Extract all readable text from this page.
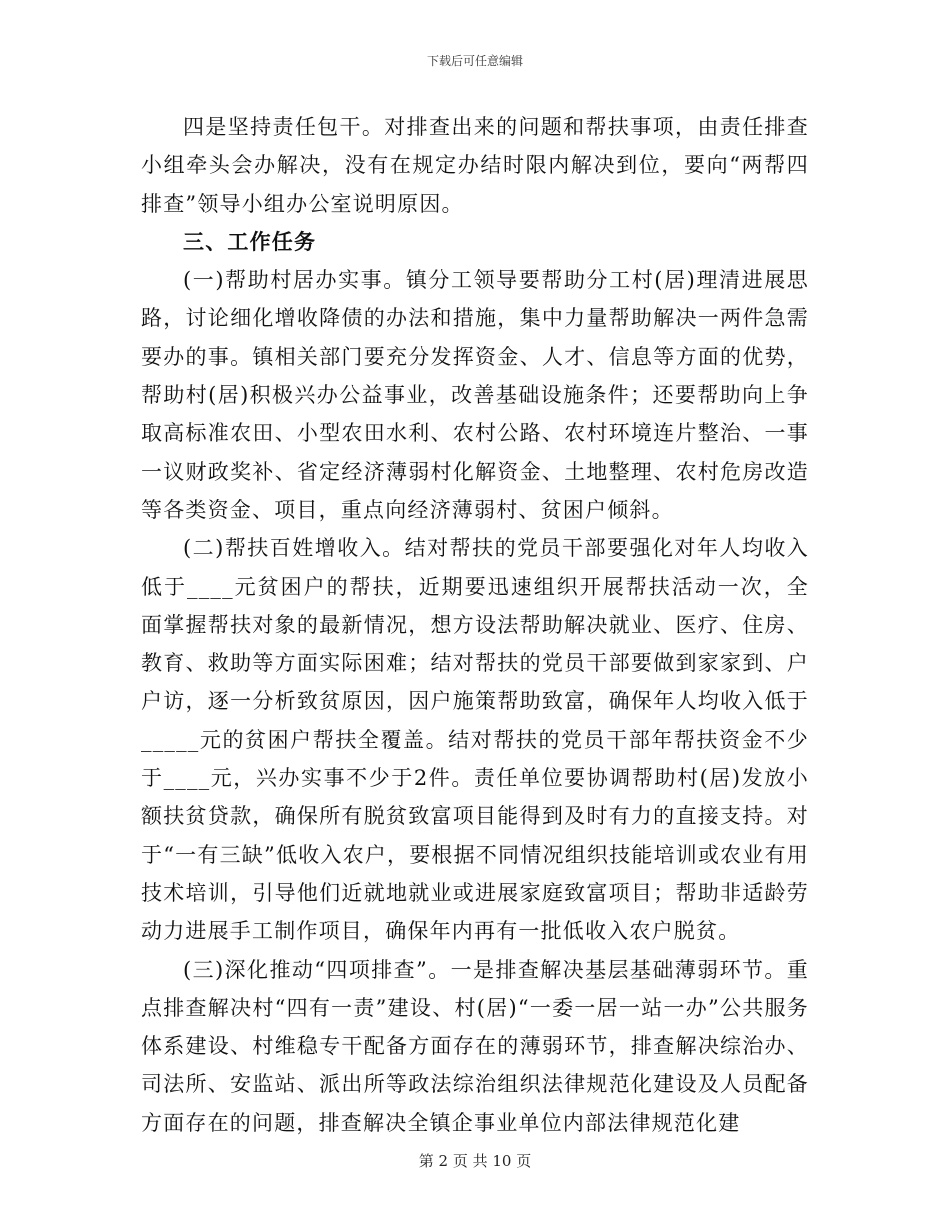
下载后可任意编辑

四是坚持责任包干。对排查出来的问题和帮扶事项，由责任排查小组牵头会办解决，没有在规定办结时限内解决到位，要向“两帮四排查”领导小组办公室说明原因。

三、工作任务

(一)帮助村居办实事。镇分工领导要帮助分工村(居)理清进展思路，讨论细化增收降债的办法和措施，集中力量帮助解决一两件急需要办的事。镇相关部门要充分发挥资金、人才、信息等方面的优势，帮助村(居)积极兴办公益事业，改善基础设施条件；还要帮助向上争取高标准农田、小型农田水利、农村公路、农村环境连片整治、一事一议财政奖补、省定经济薄弱村化解资金、土地整理、农村危房改造等各类资金、项目，重点向经济薄弱村、贫困户倾斜。

(二)帮扶百姓增收入。结对帮扶的党员干部要强化对年人均收入低于____元贫困户的帮扶，近期要迅速组织开展帮扶活动一次，全面掌握帮扶对象的最新情况，想方设法帮助解决就业、医疗、住房、教育、救助等方面实际困难；结对帮扶的党员干部要做到家家到、户户访，逐一分析致贫原因，因户施策帮助致富，确保年人均收入低于_____元的贫困户帮扶全覆盖。结对帮扶的党员干部年帮扶资金不少于____元，兴办实事不少于2件。责任单位要协调帮助村(居)发放小额扶贫贷款，确保所有脱贫致富项目能得到及时有力的直接支持。对于“一有三缺”低收入农户，要根据不同情况组织技能培训或农业有用技术培训，引导他们近就地就业或进展家庭致富项目；帮助非适龄劳动力进展手工制作项目，确保年内再有一批低收入农户脱贫。

(三)深化推动“四项排查”。一是排查解决基层基础薄弱环节。重点排查解决村“四有一责”建设、村(居)“一委一居一站一办”公共服务体系建设、村维稳专干配备方面存在的薄弱环节，排查解决综治办、司法所、安监站、派出所等政法综治组织法律规范化建设及人员配备方面存在的问题，排查解决全镇企事业单位内部法律规范化建

第 2 页 共 10 页
